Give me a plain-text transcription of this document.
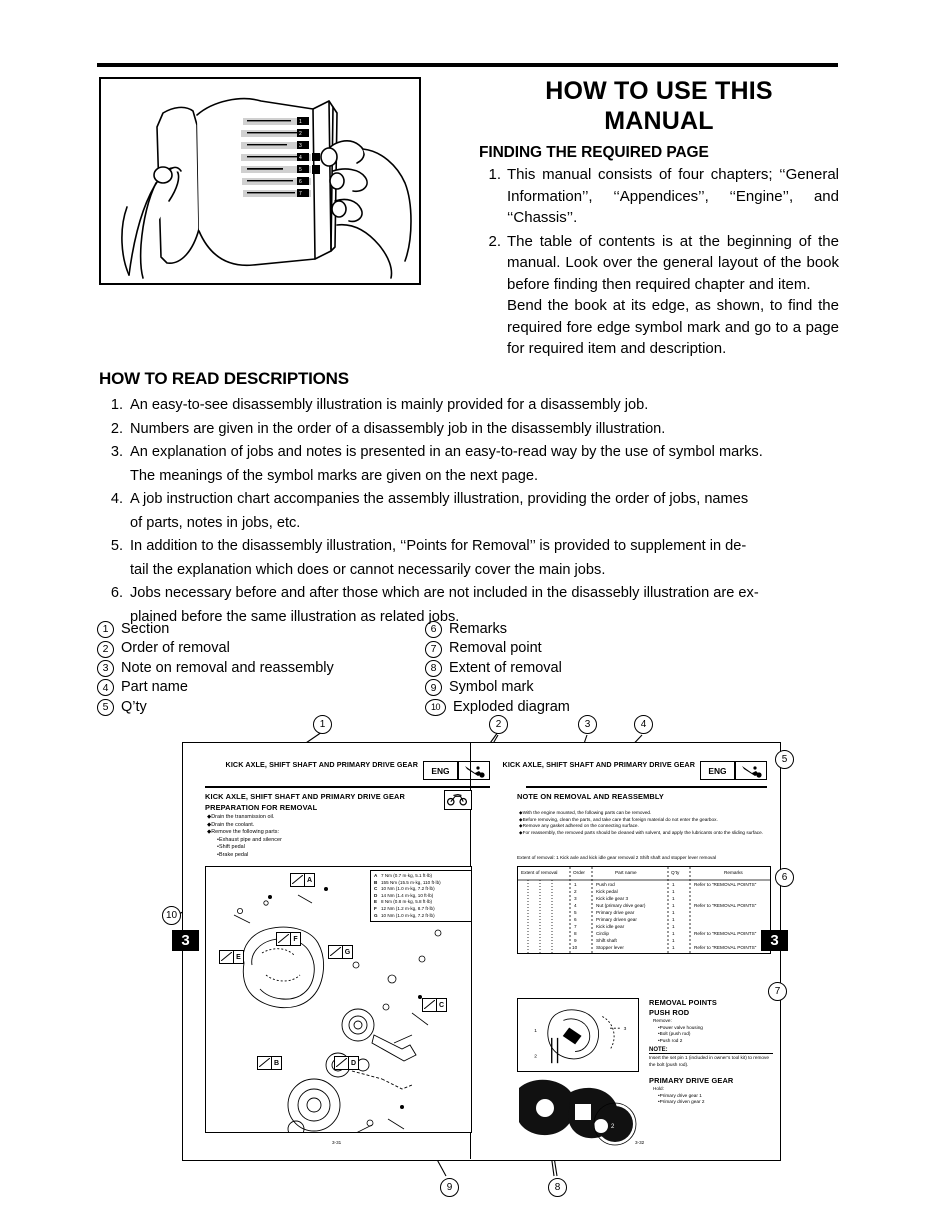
1
2
3
4
5
6
7
HOW TO USE THIS
MANUAL
FINDING THE REQUIRED PAGE
1. This manual consists of four chapters; ‘‘General Information’’, ‘‘Appendices’’, ‘‘Engine’’, and ‘‘Chassis’’.
2. The table of contents is at the beginning of the manual. Look over the general layout of the book before finding then required chapter and item.
Bend the book at its edge, as shown, to find the required fore edge symbol mark and go to a page for required item and description.
HOW TO READ DESCRIPTIONS
1. An easy-to-see disassembly illustration is mainly provided for a disassembly job.
2. Numbers are given in the order of a disassembly job in the disassembly illustration.
3. An explanation of jobs and notes is presented in an easy-to-read way by the use of symbol marks.
The meanings of the symbol marks are given on the next page.
4. A job instruction chart accompanies the assembly illustration, providing the order of jobs, names
of parts, notes in jobs, etc.
5. In addition to the disassembly illustration, ‘‘Points for Removal’’ is provided to supplement in de-
tail the explanation which does or cannot necessarily cover the main jobs.
6. Jobs necessary before and after those which are not included in the disassebly illustration are ex-
plained before the same illustration as related jobs.
1 Section
2 Order of removal
3 Note on removal and reassembly
4 Part name
5 Q’ty
6 Remarks
7 Removal point
8 Extent of removal
9 Symbol mark
10 Exploded diagram
KICK AXLE, SHIFT SHAFT AND PRIMARY DRIVE GEAR
ENG
KICK AXLE, SHIFT SHAFT AND PRIMARY DRIVE GEAR
PREPARATION FOR REMOVAL
◆Drain the transmission oil.
◆Drain the coolant.
◆Remove the following parts:
•Exhaust pipe and silencer
•Shift pedal
•Brake pedal
A 7 Nm (0.7 m·kg, 5.1 ft·lb)
B 155 Nm (15.5 m·kg, 110 ft·lb)
C 10 Nm (1.0 m·kg, 7.2 ft·lb)
D 14 Nm (1.4 m·kg, 10 ft·lb)
E 8 Nm (0.8 m·kg, 5.8 ft·lb)
F 12 Nm (1.2 m·kg, 8.7 ft·lb)
G 10 Nm (1.0 m·kg, 7.2 ft·lb)
A
F
E
G
C
B	D
3
3-31
KICK AXLE, SHIFT SHAFT AND PRIMARY DRIVE GEAR
ENG
NOTE ON REMOVAL AND REASSEMBLY
◆With the engine mounted, the following parts can be removed.
◆Before removing, clean the parts, and take care that foreign material do not enter the gearbox.
◆Remove any gasket adhered on the connecting surface.
◆For reassembly, the removed parts should be cleaned with solvent, and apply the lubricants onto the sliding surface.
Extent of removal: 1 Kick axle and kick idle gear removal 2 Shift shaft and stopper lever removal
Extent of removal	Order	Part name	Q’ty	Remarks
1	Push rod	1	Refer to “REMOVAL POINTS”
2	Kick pedal	1
3	Kick idle gear 3	1
4	Nut (primary drive gear)	1	Refer to “REMOVAL POINTS”
5	Primary drive gear	1
6	Primary driven gear	1
7	Kick idle gear	1
8	Circlip	1	Refer to “REMOVAL POINTS”
9	Shift shaft	1
10	Stopper lever	1	Refer to “REMOVAL POINTS”
1
2
3
2
1
REMOVAL POINTS
PUSH ROD
Remove:
•Power valve housing
•Bolt (push rod)
•Push rod 2
NOTE:
Insert the set pin 1 (included in owner’s tool kit) to remove the bolt (push rod).
PRIMARY DRIVE GEAR
Hold:
•Primary drive gear 1
•Primary driven gear 2
3
3-32
1	2	3	4
5
6
7
8
9
10
